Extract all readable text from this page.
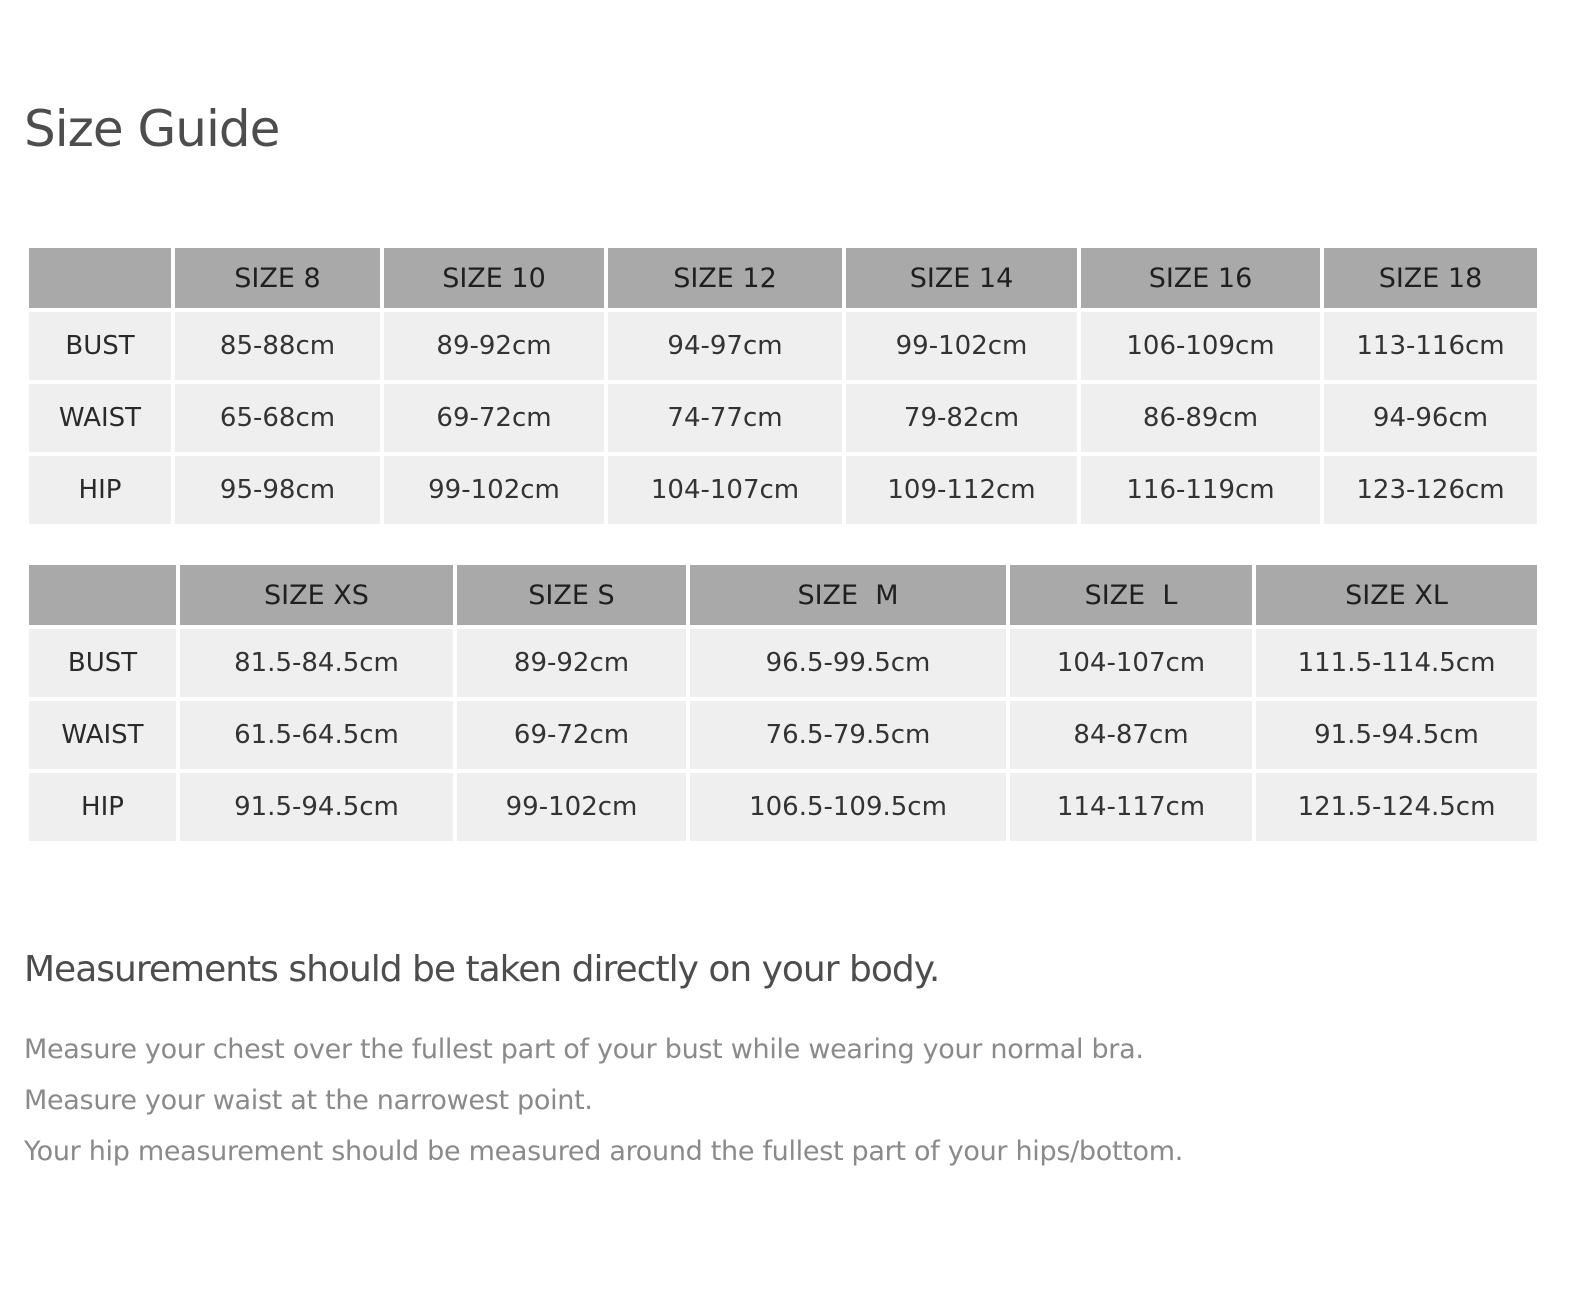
Size Guide
	SIZE 8	SIZE 10	SIZE 12	SIZE 14	SIZE 16	SIZE 18
BUST	85-88cm	89-92cm	94-97cm	99-102cm	106-109cm	113-116cm
WAIST	65-68cm	69-72cm	74-77cm	79-82cm	86-89cm	94-96cm
HIP	95-98cm	99-102cm	104-107cm	109-112cm	116-119cm	123-126cm
	SIZE XS	SIZE S	SIZE  M	SIZE  L	SIZE XL
BUST	81.5-84.5cm	89-92cm	96.5-99.5cm	104-107cm	111.5-114.5cm
WAIST	61.5-64.5cm	69-72cm	76.5-79.5cm	84-87cm	91.5-94.5cm
HIP	91.5-94.5cm	99-102cm	106.5-109.5cm	114-117cm	121.5-124.5cm
Measurements should be taken directly on your body.
Measure your chest over the fullest part of your bust while wearing your normal bra.
Measure your waist at the narrowest point.
Your hip measurement should be measured around the fullest part of your hips/bottom.
